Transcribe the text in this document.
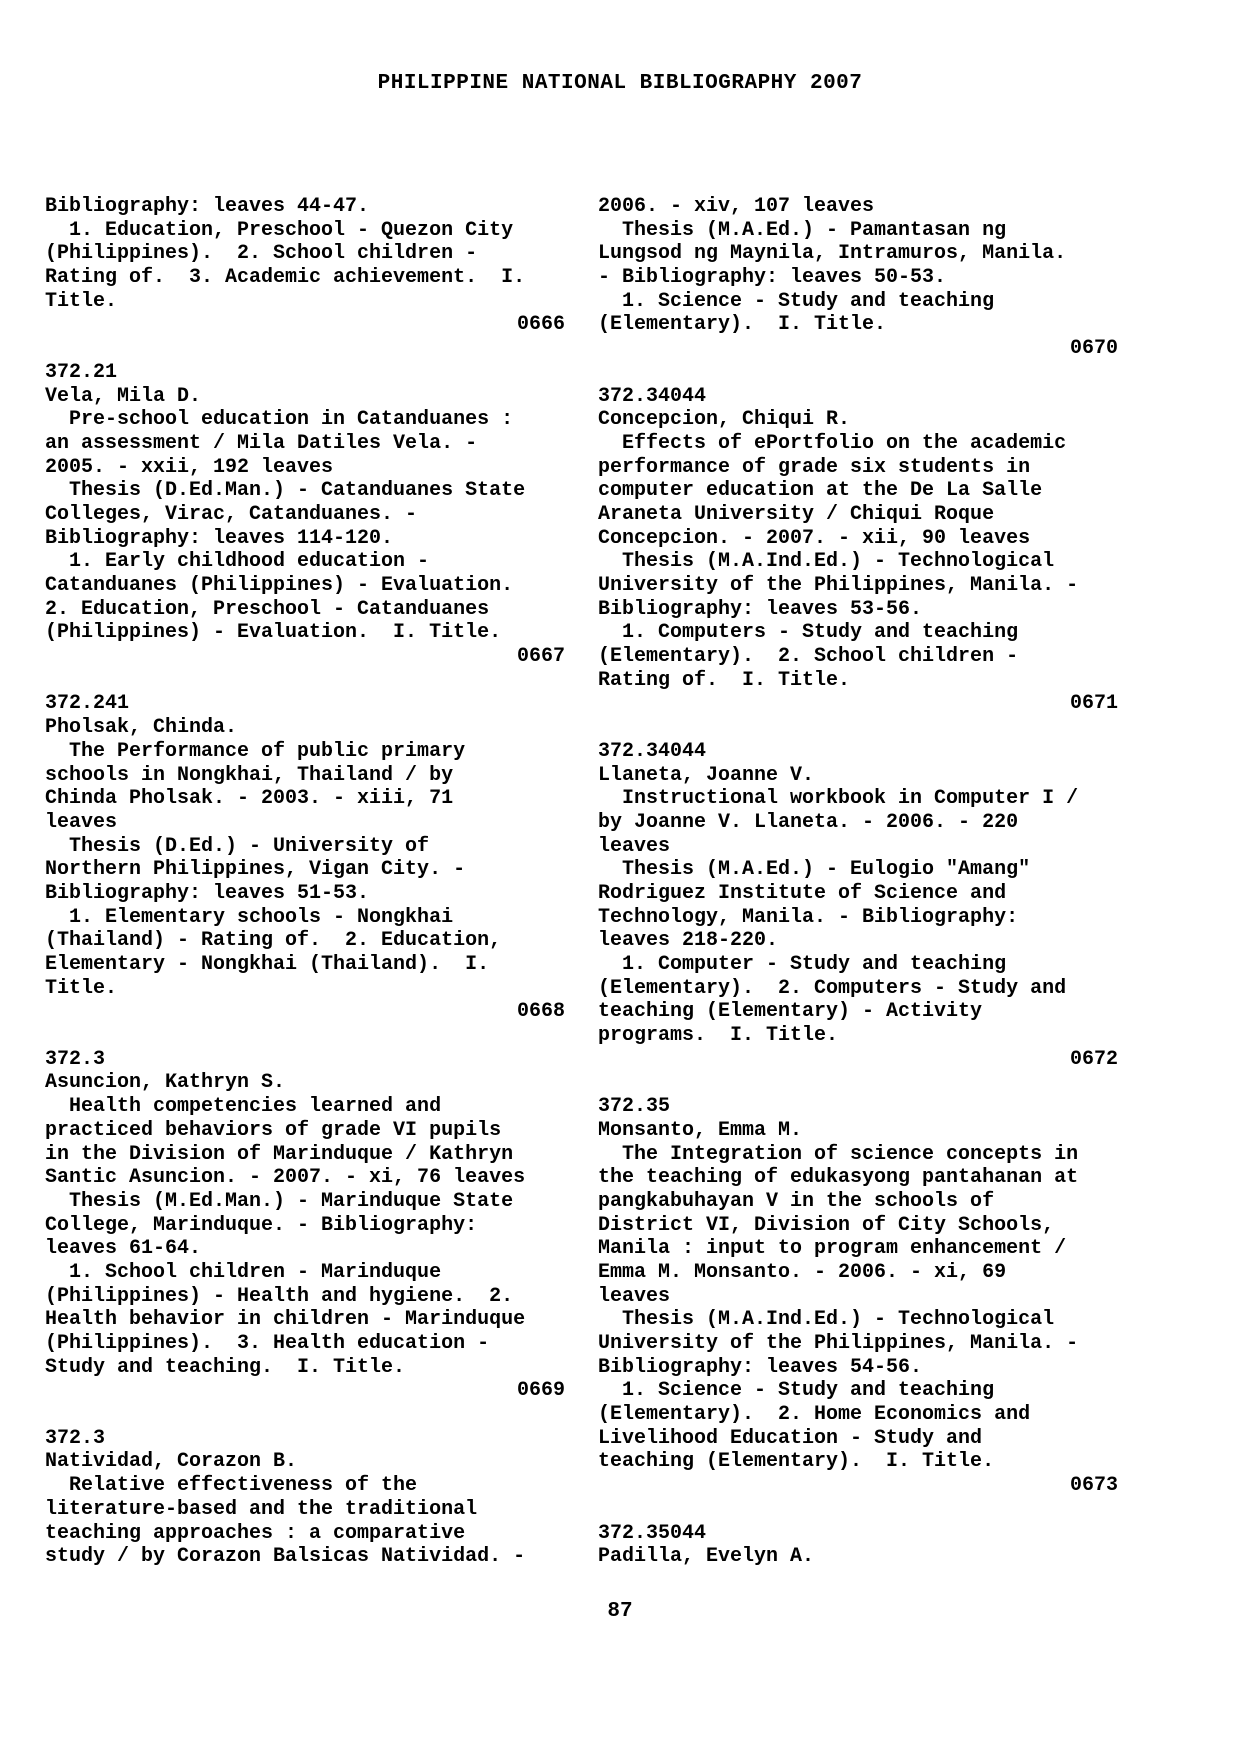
PHILIPPINE NATIONAL BIBLIOGRAPHY 2007
Bibliography: leaves 44-47.
1. Education, Preschool - Quezon City
(Philippines).  2. School children -
Rating of.  3. Academic achievement.  I.
Title.
0666
372.21
Vela, Mila D.
Pre-school education in Catanduanes :
an assessment / Mila Datiles Vela. -
2005. - xxii, 192 leaves
Thesis (D.Ed.Man.) - Catanduanes State
Colleges, Virac, Catanduanes. -
Bibliography: leaves 114-120.
1. Early childhood education -
Catanduanes (Philippines) - Evaluation.
2. Education, Preschool - Catanduanes
(Philippines) - Evaluation.  I. Title.
0667
372.241
Pholsak, Chinda.
The Performance of public primary
schools in Nongkhai, Thailand / by
Chinda Pholsak. - 2003. - xiii, 71
leaves
Thesis (D.Ed.) - University of
Northern Philippines, Vigan City. -
Bibliography: leaves 51-53.
1. Elementary schools - Nongkhai
(Thailand) - Rating of.  2. Education,
Elementary - Nongkhai (Thailand).  I.
Title.
0668
372.3
Asuncion, Kathryn S.
Health competencies learned and
practiced behaviors of grade VI pupils
in the Division of Marinduque / Kathryn
Santic Asuncion. - 2007. - xi, 76 leaves
Thesis (M.Ed.Man.) - Marinduque State
College, Marinduque. - Bibliography:
leaves 61-64.
1. School children - Marinduque
(Philippines) - Health and hygiene.  2.
Health behavior in children - Marinduque
(Philippines).  3. Health education -
Study and teaching.  I. Title.
0669
372.3
Natividad, Corazon B.
Relative effectiveness of the
literature-based and the traditional
teaching approaches : a comparative
study / by Corazon Balsicas Natividad. -
2006. - xiv, 107 leaves
Thesis (M.A.Ed.) - Pamantasan ng
Lungsod ng Maynila, Intramuros, Manila.
- Bibliography: leaves 50-53.
1. Science - Study and teaching
(Elementary).  I. Title.
0670
372.34044
Concepcion, Chiqui R.
Effects of ePortfolio on the academic
performance of grade six students in
computer education at the De La Salle
Araneta University / Chiqui Roque
Concepcion. - 2007. - xii, 90 leaves
Thesis (M.A.Ind.Ed.) - Technological
University of the Philippines, Manila. -
Bibliography: leaves 53-56.
1. Computers - Study and teaching
(Elementary).  2. School children -
Rating of.  I. Title.
0671
372.34044
Llaneta, Joanne V.
Instructional workbook in Computer I /
by Joanne V. Llaneta. - 2006. - 220
leaves
Thesis (M.A.Ed.) - Eulogio "Amang"
Rodriguez Institute of Science and
Technology, Manila. - Bibliography:
leaves 218-220.
1. Computer - Study and teaching
(Elementary).  2. Computers - Study and
teaching (Elementary) - Activity
programs.  I. Title.
0672
372.35
Monsanto, Emma M.
The Integration of science concepts in
the teaching of edukasyong pantahanan at
pangkabuhayan V in the schools of
District VI, Division of City Schools,
Manila : input to program enhancement /
Emma M. Monsanto. - 2006. - xi, 69
leaves
Thesis (M.A.Ind.Ed.) - Technological
University of the Philippines, Manila. -
Bibliography: leaves 54-56.
1. Science - Study and teaching
(Elementary).  2. Home Economics and
Livelihood Education - Study and
teaching (Elementary).  I. Title.
0673
372.35044
Padilla, Evelyn A.
87
